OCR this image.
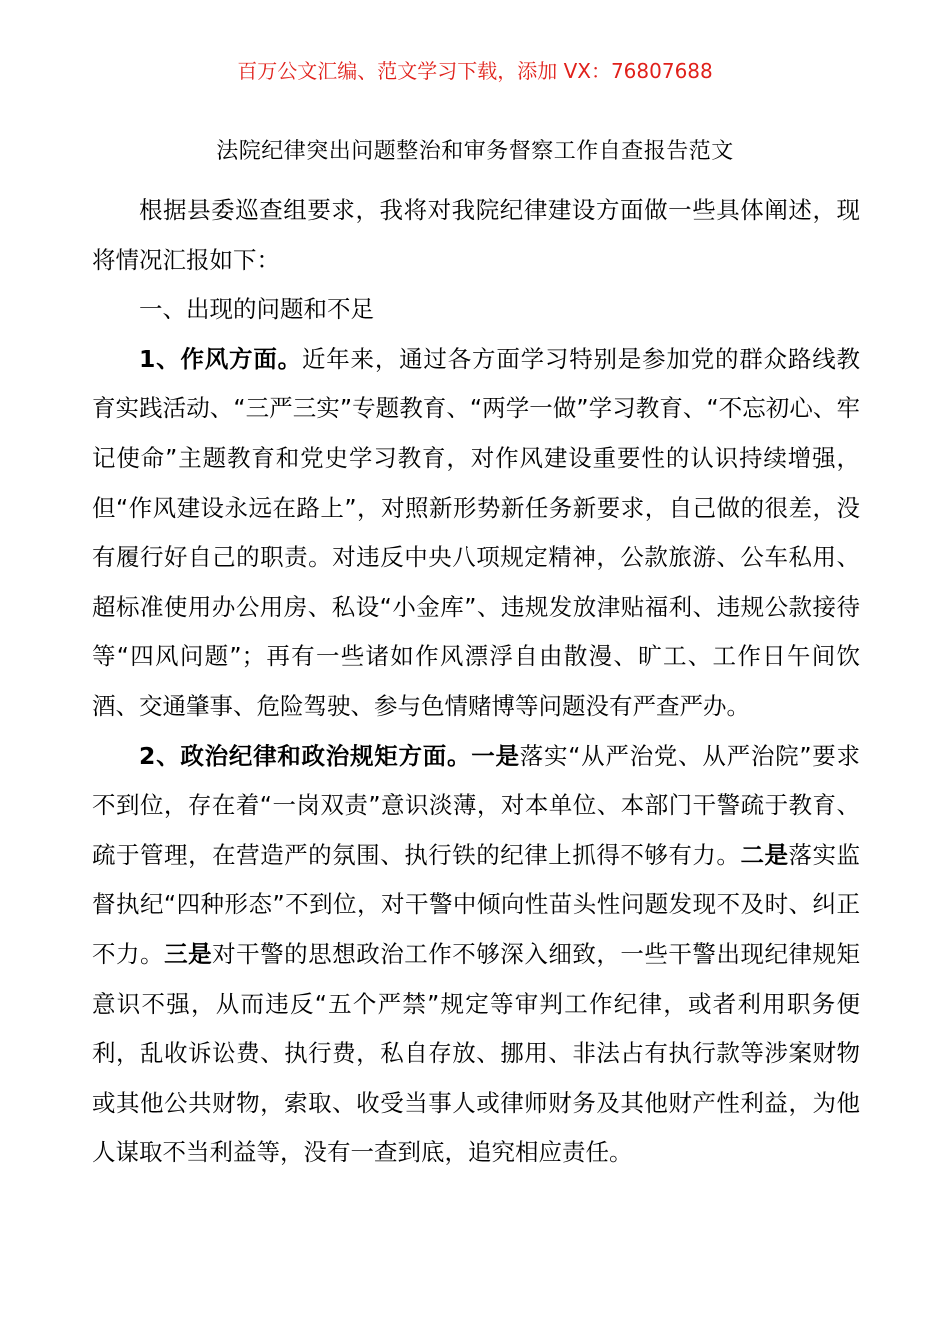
百万公文汇编、范文学习下载，添加 VX：76807688
法院纪律突出问题整治和审务督察工作自查报告范文

根据县委巡查组要求，我将对我院纪律建设方面做一些具体阐述，现将情况汇报如下：

一、出现的问题和不足

1、作风方面。近年来，通过各方面学习特别是参加党的群众路线教育实践活动、“三严三实”专题教育、“两学一做”学习教育、“不忘初心、牢记使命”主题教育和党史学习教育，对作风建设重要性的认识持续增强，但“作风建设永远在路上”，对照新形势新任务新要求，自己做的很差，没有履行好自己的职责。对违反中央八项规定精神，公款旅游、公车私用、超标准使用办公用房、私设“小金库”、违规发放津贴福利、违规公款接待等“四风问题”；再有一些诸如作风漂浮自由散漫、旷工、工作日午间饮酒、交通肇事、危险驾驶、参与色情赌博等问题没有严查严办。

2、政治纪律和政治规矩方面。一是落实“从严治党、从严治院”要求不到位，存在着“一岗双责”意识淡薄，对本单位、本部门干警疏于教育、疏于管理，在营造严的氛围、执行铁的纪律上抓得不够有力。二是落实监督执纪“四种形态”不到位，对干警中倾向性苗头性问题发现不及时、纠正不力。三是对干警的思想政治工作不够深入细致，一些干警出现纪律规矩意识不强，从而违反“五个严禁”规定等审判工作纪律，或者利用职务便利，乱收诉讼费、执行费，私自存放、挪用、非法占有执行款等涉案财物或其他公共财物，索取、收受当事人或律师财务及其他财产性利益，为他人谋取不当利益等，没有一查到底，追究相应责任。
